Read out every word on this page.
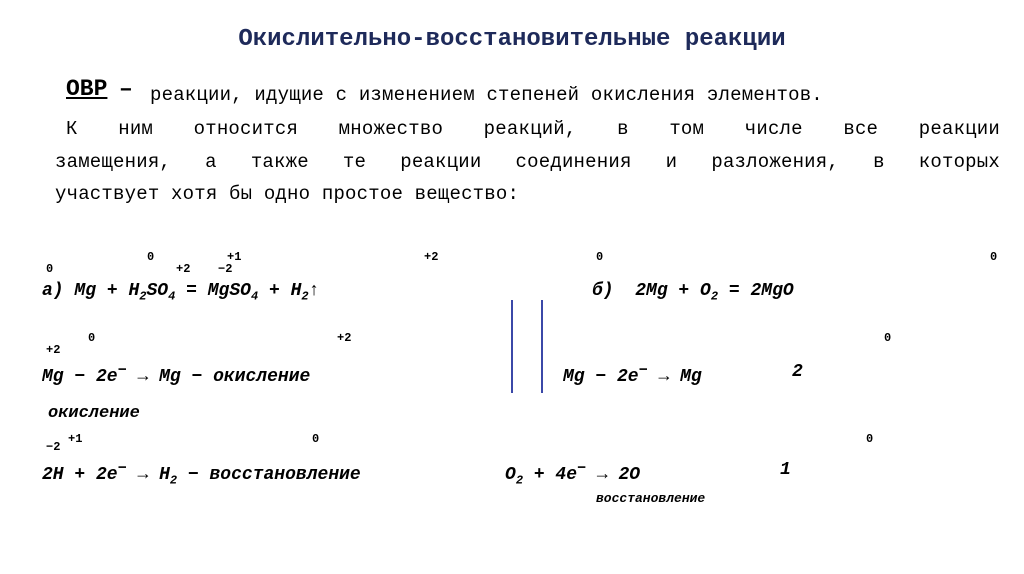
Окислительно-восстановительные реакции
ОВР – реакции, идущие с изменением степеней окисления элементов.
К ним относится множество реакций, в том числе все реакции
замещения, а также те реакции соединения и разложения, в которых
участвует хотя бы одно простое вещество:
0
0
+1
+2 −2
+2	0	0
а) $Mg + H_2SO_4$ = MgSO$_4$ + $H_2↑$	б) $2Mg + O_2 = 2MgO$
+2
0	+2	0
Mg − 2e− → Mg − окисление	Mg − 2e− → Mg	2
окисление
−2
+1	0	0
$2H + 2e^- \to H_2$ − восстановление	$O_2 + 4e^- \to 2O$	1
восстановление
